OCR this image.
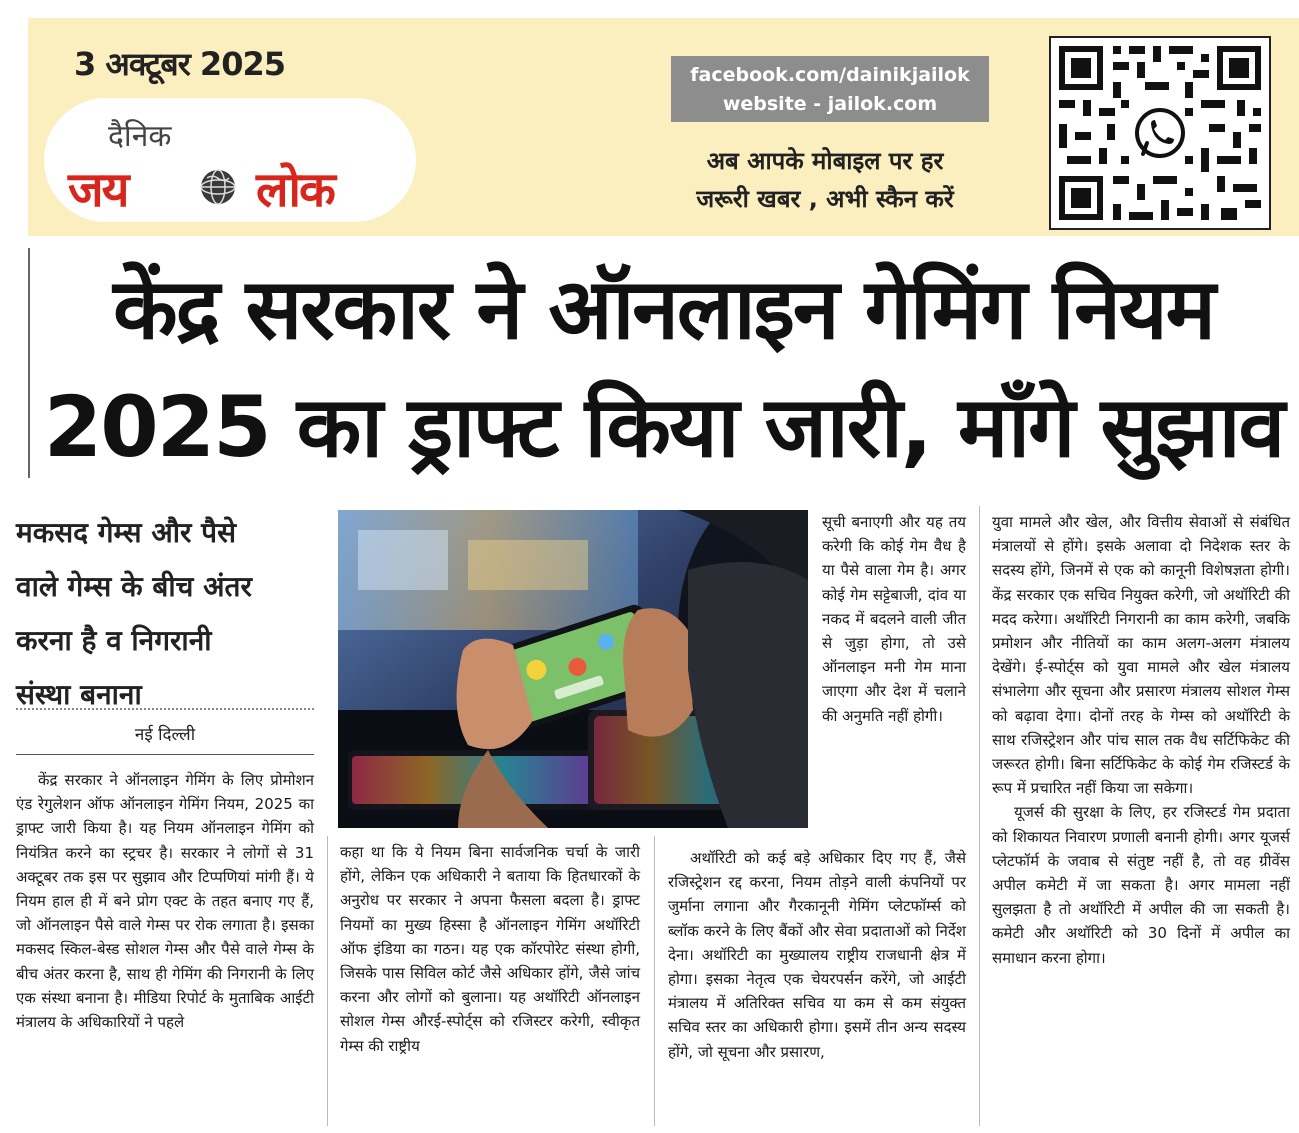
3 अक्टूबर 2025
दैनिक
जय	लोक
facebook.com/dainikjailok
website - jailok.com
अब आपके मोबाइल पर हर
जरूरी खबर , अभी स्कैन करें
केंद्र सरकार ने ऑनलाइन गेमिंग नियम
2025 का ड्राफ्ट किया जारी, माँगे सुझाव
मकसद गेम्स और पैसे
वाले गेम्स के बीच अंतर
करना है व निगरानी
संस्था बनाना
नई दिल्ली

केंद्र सरकार ने ऑनलाइन गेमिंग के लिए प्रोमोशन एंड रेगुलेशन ऑफ ऑनलाइन गेमिंग नियम, 2025 का ड्राफ्ट जारी किया है। यह नियम ऑनलाइन गेमिंग को नियंत्रित करने का स्ट्रचर है। सरकार ने लोगों से 31 अक्टूबर तक इस पर सुझाव और टिप्पणियां मांगी हैं। ये नियम हाल ही में बने प्रोग एक्ट के तहत बनाए गए हैं, जो ऑनलाइन पैसे वाले गेम्स पर रोक लगाता है। इसका मकसद स्किल-बेस्ड सोशल गेम्स और पैसे वाले गेम्स के बीच अंतर करना है, साथ ही गेमिंग की निगरानी के लिए एक संस्था बनाना है। मीडिया रिपोर्ट के मुताबिक आईटी मंत्रालय के अधिकारियों ने पहले

कहा था कि ये नियम बिना सार्वजनिक चर्चा के जारी होंगे, लेकिन एक अधिकारी ने बताया कि हितधारकों के अनुरोध पर सरकार ने अपना फैसला बदला है। ड्राफ्ट नियमों का मुख्य हिस्सा है ऑनलाइन गेमिंग अथॉरिटी ऑफ इंडिया का गठन। यह एक कॉरपोरेट संस्था होगी, जिसके पास सिविल कोर्ट जैसे अधिकार होंगे, जैसे जांच करना और लोगों को बुलाना। यह अथॉरिटी ऑनलाइन सोशल गेम्स औरई-स्पोर्ट्स को रजिस्टर करेगी, स्वीकृत गेम्स की राष्ट्रीय

सूची बनाएगी और यह तय करेगी कि कोई गेम वैध है या पैसे वाला गेम है। अगर कोई गेम सट्टेबाजी, दांव या नकद में बदलने वाली जीत से जुड़ा होगा, तो उसे ऑनलाइन मनी गेम माना जाएगा और देश में चलाने की अनुमति नहीं होगी।

अथॉरिटी को कई बड़े अधिकार दिए गए हैं, जैसे रजिस्ट्रेशन रद्द करना, नियम तोड़ने वाली कंपनियों पर जुर्माना लगाना और गैरकानूनी गेमिंग प्लेटफॉर्म्स को ब्लॉक करने के लिए बैंकों और सेवा प्रदाताओं को निर्देश देना। अथॉरिटी का मुख्यालय राष्ट्रीय राजधानी क्षेत्र में होगा। इसका नेतृत्व एक चेयरपर्सन करेंगे, जो आईटी मंत्रालय में अतिरिक्त सचिव या कम से कम संयुक्त सचिव स्तर का अधिकारी होगा। इसमें तीन अन्य सदस्य होंगे, जो सूचना और प्रसारण,

युवा मामले और खेल, और वित्तीय सेवाओं से संबंधित मंत्रालयों से होंगे। इसके अलावा दो निदेशक स्तर के सदस्य होंगे, जिनमें से एक को कानूनी विशेषज्ञता होगी। केंद्र सरकार एक सचिव नियुक्त करेगी, जो अथॉरिटी की मदद करेगा। अथॉरिटी निगरानी का काम करेगी, जबकि प्रमोशन और नीतियों का काम अलग-अलग मंत्रालय देखेंगे। ई-स्पोर्ट्स को युवा मामले और खेल मंत्रालय संभालेगा और सूचना और प्रसारण मंत्रालय सोशल गेम्स को बढ़ावा देगा। दोनों तरह के गेम्स को अथॉरिटी के साथ रजिस्ट्रेशन और पांच साल तक वैध सर्टिफिकेट की जरूरत होगी। बिना सर्टिफिकेट के कोई गेम रजिस्टर्ड के रूप में प्रचारित नहीं किया जा सकेगा।

यूजर्स की सुरक्षा के लिए, हर रजिस्टर्ड गेम प्रदाता को शिकायत निवारण प्रणाली बनानी होगी। अगर यूजर्स प्लेटफॉर्म के जवाब से संतुष्ट नहीं है, तो वह ग्रीवेंस अपील कमेटी में जा सकता है। अगर मामला नहीं सुलझता है तो अथॉरिटी में अपील की जा सकती है। कमेटी और अथॉरिटी को 30 दिनों में अपील का समाधान करना होगा।
